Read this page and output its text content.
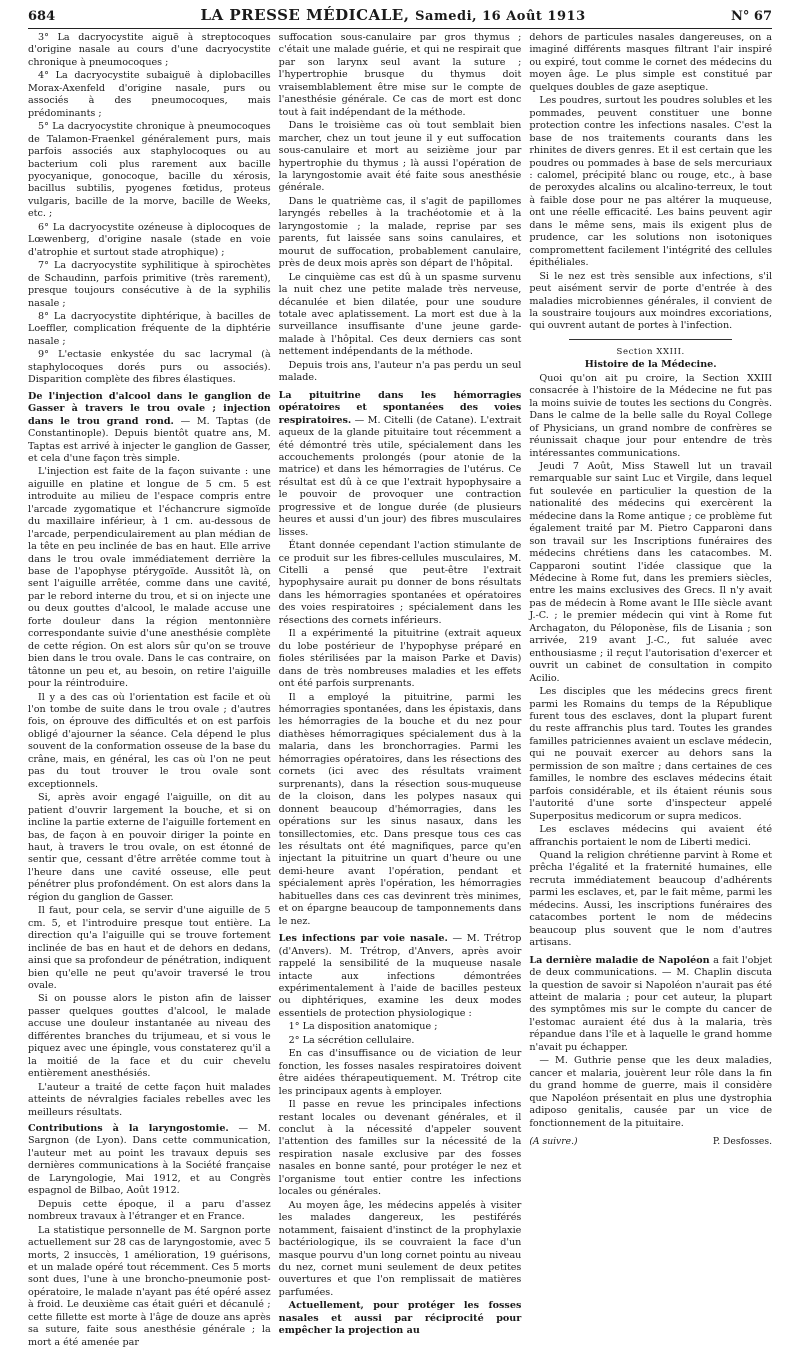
684	LA PRESSE MÉDICALE, Samedi, 16 Août 1913	N° 67

3° La dacryocystite aiguë à streptocoques d'origine nasale au cours d'une dacryocystite chronique à pneumocoques ;

4° La dacryocystite subaiguë à diplobacilles Morax-Axenfeld d'origine nasale, purs ou associés à des pneumocoques, mais prédominants ;

5° La dacryocystite chronique à pneumocoques de Talamon-Fraenkel généralement purs, mais parfois associés aux staphylocoques ou au bacterium coli plus rarement aux bacille pyocyanique, gonocoque, bacille du xérosis, bacillus subtilis, pyogenes fœtidus, proteus vulgaris, bacille de la morve, bacille de Weeks, etc. ;

6° La dacryocystite ozéneuse à diplocoques de Lœwenberg, d'origine nasale (stade en voie d'atrophie et surtout stade atrophique) ;

7° La dacryocystite syphilitique à spirochètes de Schaudinn, parfois primitive (très rarement), presque toujours consécutive à de la syphilis nasale ;

8° La dacryocystite diphtérique, à bacilles de Loeffler, complication fréquente de la diphtérie nasale ;

9° L'ectasie enkystée du sac lacrymal (à staphylocoques dorés purs ou associés). Disparition complète des fibres élastiques.

De l'injection d'alcool dans le ganglion de Gasser à travers le trou ovale ; injection dans le trou grand rond. — M. Taptas (de Constantinople). Depuis bientôt quatre ans, M. Taptas est arrivé à injecter le ganglion de Gasser, et cela d'une façon très simple.

L'injection est faite de la façon suivante : une aiguille en platine et longue de 5 cm. 5 est introduite au milieu de l'espace compris entre l'arcade zygomatique et l'échancrure sigmoïde du maxillaire inférieur, à 1 cm. au-dessous de l'arcade, perpendiculairement au plan médian de la tête en peu inclinée de bas en haut. Elle arrive dans le trou ovale immédiatement derrière la base de l'apophyse ptérygoïde. Aussitôt là, on sent l'aiguille arrêtée, comme dans une cavité, par le rebord interne du trou, et si on injecte une ou deux gouttes d'alcool, le malade accuse une forte douleur dans la région mentonnière correspondante suivie d'une anesthésie complète de cette région. On est alors sûr qu'on se trouve bien dans le trou ovale. Dans le cas contraire, on tâtonne un peu et, au besoin, on retire l'aiguille pour la réintroduire.

Il y a des cas où l'orientation est facile et où l'on tombe de suite dans le trou ovale ; d'autres fois, on éprouve des difficultés et on est parfois obligé d'ajourner la séance. Cela dépend le plus souvent de la conformation osseuse de la base du crâne, mais, en général, les cas où l'on ne peut pas du tout trouver le trou ovale sont exceptionnels.

Si, après avoir engagé l'aiguille, on dit au patient d'ouvrir largement la bouche, et si on incline la partie externe de l'aiguille fortement en bas, de façon à en pouvoir diriger la pointe en haut, à travers le trou ovale, on est étonné de sentir que, cessant d'être arrêtée comme tout à l'heure dans une cavité osseuse, elle peut pénétrer plus profondément. On est alors dans la région du ganglion de Gasser.

Il faut, pour cela, se servir d'une aiguille de 5 cm. 5, et l'introduire presque tout entière. La direction qu'a l'aiguille qui se trouve fortement inclinée de bas en haut et de dehors en dedans, ainsi que sa profondeur de pénétration, indiquent bien qu'elle ne peut qu'avoir traversé le trou ovale.

Si on pousse alors le piston afin de laisser passer quelques gouttes d'alcool, le malade accuse une douleur instantanée au niveau des différentes branches du trijumeau, et si vous le piquez avec une épingle, vous constaterez qu'il a la moitié de la face et du cuir chevelu entièrement anesthésiés.

L'auteur a traité de cette façon huit malades atteints de névralgies faciales rebelles avec les meilleurs résultats.

Contributions à la laryngostomie. — M. Sargnon (de Lyon). Dans cette communication, l'auteur met au point les travaux depuis ses dernières communications à la Société française de Laryngologie, Mai 1912, et au Congrès espagnol de Bilbao, Août 1912.

Depuis cette époque, il a paru d'assez nombreux travaux à l'étranger et en France.

La statistique personnelle de M. Sargnon porte actuellement sur 28 cas de laryngostomie, avec 5 morts, 2 insuccès, 1 amélioration, 19 guérisons, et un malade opéré tout récemment. Ces 5 morts sont dues, l'une à une broncho-pneumonie post-opératoire, le malade n'ayant pas été opéré assez à froid. Le deuxième cas était guéri et décanulé ; cette fillette est morte à l'âge de douze ans après sa suture, faite sous anesthésie générale ; la mort a été amenée par

suffocation sous-canulaire par gros thymus ; c'était une malade guérie, et qui ne respirait que par son larynx seul avant la suture ; l'hypertrophie brusque du thymus doit vraisemblablement être mise sur le compte de l'anesthésie générale. Ce cas de mort est donc tout à fait indépendant de la méthode.

Dans le troisième cas où tout semblait bien marcher, chez un tout jeune il y eut suffocation sous-canulaire et mort au seizième jour par hypertrophie du thymus ; là aussi l'opération de la laryngostomie avait été faite sous anesthésie générale.

Dans le quatrième cas, il s'agit de papillomes laryngés rebelles à la trachéotomie et à la laryngostomie ; la malade, reprise par ses parents, fut laissée sans soins canulaires, et mourut de suffocation, probablement canulaire, près de deux mois après son départ de l'hôpital.

Le cinquième cas est dû à un spasme survenu la nuit chez une petite malade très nerveuse, décanulée et bien dilatée, pour une soudure totale avec aplatissement. La mort est due à la surveillance insuffisante d'une jeune garde-malade à l'hôpital. Ces deux derniers cas sont nettement indépendants de la méthode.

Depuis trois ans, l'auteur n'a pas perdu un seul malade.

La pituitrine dans les hémorragies opératoires et spontanées des voies respiratoires. — M. Citelli (de Catane). L'extrait aqueux de la glande pituitaire tout récemment a été démontré très utile, spécialement dans les accouchements prolongés (pour atonie de la matrice) et dans les hémorragies de l'utérus. Ce résultat est dû à ce que l'extrait hypophysaire a le pouvoir de provoquer une contraction progressive et de longue durée (de plusieurs heures et aussi d'un jour) des fibres musculaires lisses.

Étant donnée cependant l'action stimulante de ce produit sur les fibres-cellules musculaires, M. Citelli a pensé que peut-être l'extrait hypophysaire aurait pu donner de bons résultats dans les hémorragies spontanées et opératoires des voies respiratoires ; spécialement dans les résections des cornets inférieurs.

Il a expérimenté la pituitrine (extrait aqueux du lobe postérieur de l'hypophyse préparé en fioles stérilisées par la maison Parke et Davis) dans de très nombreuses maladies et les effets ont été parfois surprenants.

Il a employé la pituitrine, parmi les hémorragies spontanées, dans les épistaxis, dans les hémorragies de la bouche et du nez pour diathèses hémorragiques spécialement dus à la malaria, dans les bronchorragies. Parmi les hémorragies opératoires, dans les résections des cornets (ici avec des résultats vraiment surprenants), dans la résection sous-muqueuse de la cloison, dans les polypes nasaux qui donnent beaucoup d'hémorragies, dans les opérations sur les sinus nasaux, dans les tonsillectomies, etc. Dans presque tous ces cas les résultats ont été magnifiques, parce qu'en injectant la pituitrine un quart d'heure ou une demi-heure avant l'opération, pendant et spécialement après l'opération, les hémorragies habituelles dans ces cas devinrent très minimes, et on épargne beaucoup de tamponnements dans le nez.

Les infections par voie nasale. — M. Trétrop (d'Anvers). M. Trétrop, d'Anvers, après avoir rappelé la sensibilité de la muqueuse nasale intacte aux infections démontrées expérimentalement à l'aide de bacilles pesteux ou diphtériques, examine les deux modes essentiels de protection physiologique :

1° La disposition anatomique ;

2° La sécrétion cellulaire.

En cas d'insuffisance ou de viciation de leur fonction, les fosses nasales respiratoires doivent être aidées thérapeutiquement. M. Trétrop cite les principaux agents à employer.

Il passe en revue les principales infections restant locales ou devenant générales, et il conclut à la nécessité d'appeler souvent l'attention des familles sur la nécessité de la respiration nasale exclusive par des fosses nasales en bonne santé, pour protéger le nez et l'organisme tout entier contre les infections locales ou générales.

Au moyen âge, les médecins appelés à visiter les malades dangereux, les pestiférés notamment, faisaient d'instinct de la prophylaxie bactériologique, ils se couvraient la face d'un masque pourvu d'un long cornet pointu au niveau du nez, cornet muni seulement de deux petites ouvertures et que l'on remplissait de matières parfumées.

Actuellement, pour protéger les fosses nasales et aussi par réciprocité pour empêcher la projection au

dehors de particules nasales dangereuses, on a imaginé différents masques filtrant l'air inspiré ou expiré, tout comme le cornet des médecins du moyen âge. Le plus simple est constitué par quelques doubles de gaze aseptique.

Les poudres, surtout les poudres solubles et les pommades, peuvent constituer une bonne protection contre les infections nasales. C'est la base de nos traitements courants dans les rhinites de divers genres. Et il est certain que les poudres ou pommades à base de sels mercuriaux : calomel, précipité blanc ou rouge, etc., à base de peroxydes alcalins ou alcalino-terreux, le tout à faible dose pour ne pas altérer la muqueuse, ont une réelle efficacité. Les bains peuvent agir dans le même sens, mais ils exigent plus de prudence, car les solutions non isotoniques compromettent facilement l'intégrité des cellules épithéliales.

Si le nez est très sensible aux infections, s'il peut aisément servir de porte d'entrée à des maladies microbiennes générales, il convient de la soustraire toujours aux moindres excoriations, qui ouvrent autant de portes à l'infection.

Section XXIII.

Histoire de la Médecine.

Quoi qu'on ait pu croire, la Section XXIII consacrée à l'histoire de la Médecine ne fut pas la moins suivie de toutes les sections du Congrès. Dans le calme de la belle salle du Royal College of Physicians, un grand nombre de confrères se réunissait chaque jour pour entendre de très intéressantes communications.

Jeudi 7 Août, Miss Stawell lut un travail remarquable sur saint Luc et Virgile, dans lequel fut soulevée en particulier la question de la nationalité des médecins qui exercèrent la médecine dans la Rome antique ; ce problème fut également traité par M. Pietro Capparoni dans son travail sur les Inscriptions funéraires des médecins chrétiens dans les catacombes. M. Capparoni soutint l'idée classique que la Médecine à Rome fut, dans les premiers siècles, entre les mains exclusives des Grecs. Il n'y avait pas de médecin à Rome avant le IIIe siècle avant J.-C. ; le premier médecin qui vint à Rome fut Archagaton, du Péloponèse, fils de Lisania ; son arrivée, 219 avant J.-C., fut saluée avec enthousiasme ; il reçut l'autorisation d'exercer et ouvrit un cabinet de consultation in compito Acilio.

Les disciples que les médecins grecs firent parmi les Romains du temps de la République furent tous des esclaves, dont la plupart furent du reste affranchis plus tard. Toutes les grandes familles patriciennes avaient un esclave médecin, qui ne pouvait exercer au dehors sans la permission de son maître ; dans certaines de ces familles, le nombre des esclaves médecins était parfois considérable, et ils étaient réunis sous l'autorité d'une sorte d'inspecteur appelé Superpositus medicorum or supra medicos.

Les esclaves médecins qui avaient été affranchis portaient le nom de Liberti medici.

Quand la religion chrétienne parvint à Rome et prêcha l'égalité et la fraternité humaines, elle recruta immédiatement beaucoup d'adhérents parmi les esclaves, et, par le fait même, parmi les médecins. Aussi, les inscriptions funéraires des catacombes portent le nom de médecins beaucoup plus souvent que le nom d'autres artisans.

La dernière maladie de Napoléon a fait l'objet de deux communications. — M. Chaplin discuta la question de savoir si Napoléon n'aurait pas été atteint de malaria ; pour cet auteur, la plupart des symptômes mis sur le compte du cancer de l'estomac auraient été dus à la malaria, très répandue dans l'île et à laquelle le grand homme n'avait pu échapper.

— M. Guthrie pense que les deux maladies, cancer et malaria, jouèrent leur rôle dans la fin du grand homme de guerre, mais il considère que Napoléon présentait en plus une dystrophia adiposo genitalis, causée par un vice de fonctionnement de la pituitaire.

(A suivre.)	P. Desfosses.
